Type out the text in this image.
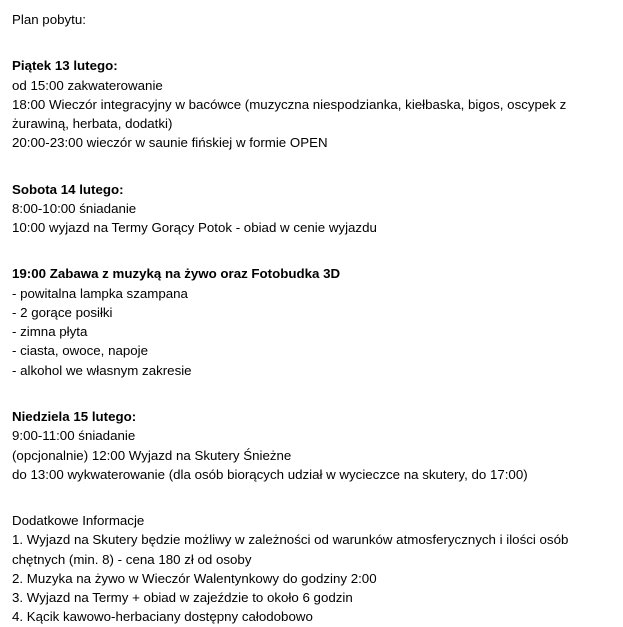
Plan pobytu:
Piątek 13 lutego:
od 15:00 zakwaterowanie
18:00 Wieczór integracyjny w bacówce (muzyczna niespodzianka, kiełbaska, bigos, oscypek z żurawiną, herbata, dodatki)
20:00-23:00 wieczór w saunie fińskiej w formie OPEN
Sobota 14 lutego:
8:00-10:00 śniadanie
10:00 wyjazd na Termy Gorący Potok - obiad w cenie wyjazdu
19:00 Zabawa z muzyką na żywo oraz Fotobudka 3D
- powitalna lampka szampana
- 2 gorące posiłki
- zimna płyta
- ciasta, owoce, napoje
- alkohol we własnym zakresie
Niedziela 15 lutego:
9:00-11:00 śniadanie
(opcjonalnie) 12:00 Wyjazd na Skutery Śnieżne
do 13:00 wykwaterowanie (dla osób biorących udział w wycieczce na skutery, do 17:00)
Dodatkowe Informacje
1. Wyjazd na Skutery będzie możliwy w zależności od warunków atmosferycznych i ilości osób chętnych (min. 8) - cena 180 zł od osoby
2. Muzyka na żywo w Wieczór Walentynkowy do godziny 2:00
3. Wyjazd na Termy + obiad w zajeździe to około 6 godzin
4. Kącik kawowo-herbaciany dostępny całodobowo
